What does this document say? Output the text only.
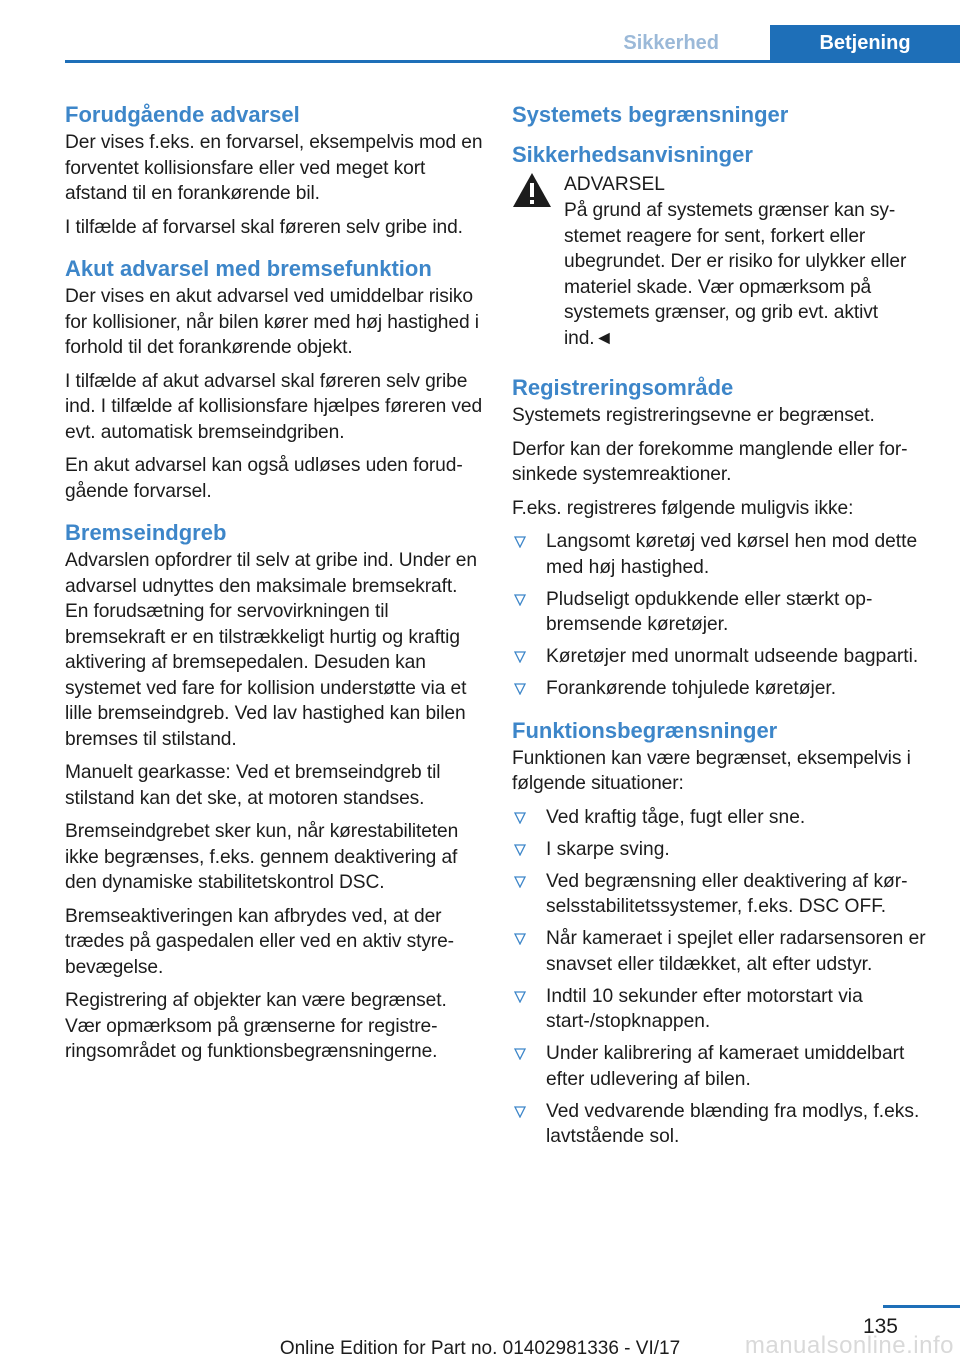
Sikkerhed	Betjening
Forudgående advarsel

Der vises f.eks. en forvarsel, eksempelvis mod en forventet kollisionsfare eller ved meget kort afstand til en forankørende bil.

I tilfælde af forvarsel skal føreren selv gribe ind.

Akut advarsel med bremsefunktion

Der vises en akut advarsel ved umiddelbar risiko for kollisioner, når bilen kører med høj hastighed i forhold til det forankørende objekt.

I tilfælde af akut advarsel skal føreren selv gribe ind. I tilfælde af kollisionsfare hjælpes føreren ved evt. automatisk bremseindgriben.

En akut advarsel kan også udløses uden forudgående forvarsel.

Bremseindgreb

Advarslen opfordrer til selv at gribe ind. Under en advarsel udnyttes den maksimale bremsekraft. En forudsætning for servovirkningen til bremsekraft er en tilstrækkeligt hurtig og kraftig aktivering af bremsepedalen. Desuden kan systemet ved fare for kollision understøtte via et lille bremseindgreb. Ved lav hastighed kan bilen bremses til stilstand.

Manuelt gearkasse: Ved et bremseindgreb til stilstand kan det ske, at motoren standses.

Bremseindgrebet sker kun, når kørestabiliteten ikke begrænses, f.eks. gennem deaktivering af den dynamiske stabilitetskontrol DSC.

Bremseaktiveringen kan afbrydes ved, at der trædes på gaspedalen eller ved en aktiv styrebevægelse.

Registrering af objekter kan være begrænset. Vær opmærksom på grænserne for registreringsområdet og funktionsbegrænsningerne.

Systemets begrænsninger
Sikkerhedsanvisninger
ADVARSEL

På grund af systemets grænser kan systemet reagere for sent, forkert eller ubegrundet. Der er risiko for ulykker eller materiel skade. Vær opmærksom på systemets grænser, og grib evt. aktivt ind.◄

Registreringsområde

Systemets registreringsevne er begrænset.

Derfor kan der forekomme manglende eller forsinkede systemreaktioner.

F.eks. registreres følgende muligvis ikke:

Langsomt køretøj ved kørsel hen mod dette med høj hastighed.
Pludseligt opdukkende eller stærkt opbremsende køretøjer.
Køretøjer med unormalt udseende bagparti.
Forankørende tohjulede køretøjer.
Funktionsbegrænsninger

Funktionen kan være begrænset, eksempelvis i følgende situationer:

Ved kraftig tåge, fugt eller sne.
I skarpe sving.
Ved begrænsning eller deaktivering af kørselsstabilitetssystemer, f.eks. DSC OFF.
Når kameraet i spejlet eller radarsensoren er snavset eller tildækket, alt efter udstyr.
Indtil 10 sekunder efter motorstart via start-/stopknappen.
Under kalibrering af kameraet umiddelbart efter udlevering af bilen.
Ved vedvarende blænding fra modlys, f.eks. lavtstående sol.
135
manualsonline.info
Online Edition for Part no. 01402981336 - VI/17
